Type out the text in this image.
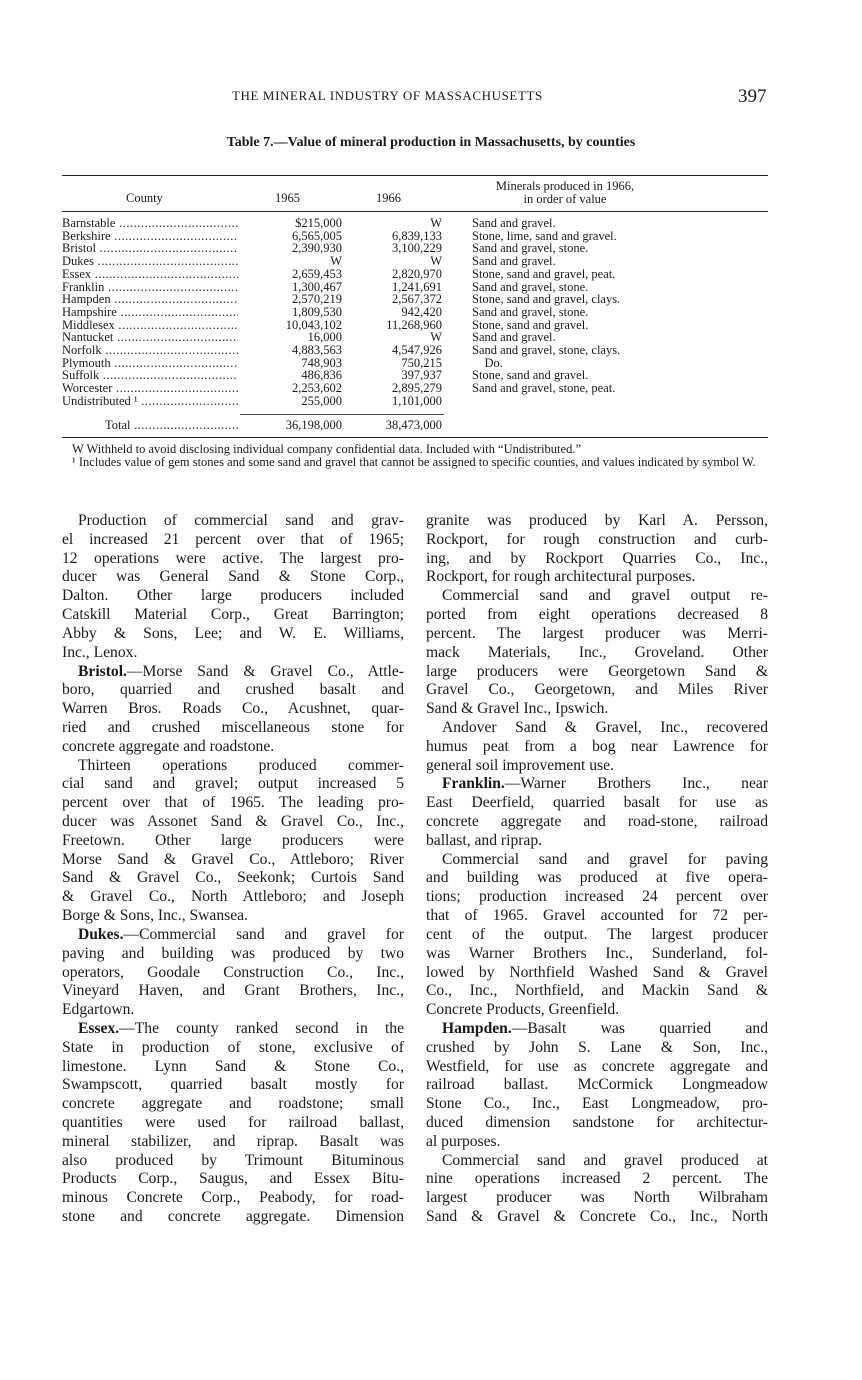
THE MINERAL INDUSTRY OF MASSACHUSETTS	397
Table 7.—Value of mineral production in Massachusetts, by counties
County	1965	1966
Minerals produced in 1966,
in order of value
Barnstable .....	$215,000	W Sand and gravel.
Berkshire .....	6,565,005	6,839,133 Stone, lime, sand and gravel.
Bristol .....	2,390,930	3,100,229 Sand and gravel, stone.
Dukes .....	W	W Sand and gravel.
Essex .....	2,659,453	2,820,970 Stone, sand and gravel, peat.
Franklin .....	1,300,467	1,241,691 Sand and gravel, stone.
Hampden .....	2,570,219	2,567,372 Stone, sand and gravel, clays.
Hampshire .....	1,809,530	942,420 Sand and gravel, stone.
Middlesex .....	10,043,102	11,268,960 Stone, sand and gravel.
Nantucket .....	16,000	W Sand and gravel.
Norfolk .....	4,883,563	4,547,926 Sand and gravel, stone, clays.
Plymouth .....	748,903	750,215 Do.
Suffolk .....	486,836	397,937 Stone, sand and gravel.
Worcester .....	2,253,602	2,895,279 Sand and gravel, stone, peat.
Undistributed ¹ .....	255,000	1,101,000
Total .....	36,198,000	38,473,000
W Withheld to avoid disclosing individual company confidential data. Included with “Undistributed.”
¹ Includes value of gem stones and some sand and gravel that cannot be assigned to specific counties, and values indicated by symbol W.
Production of commercial sand and grav-
el increased 21 percent over that of 1965;
12 operations were active. The largest pro-
ducer was General Sand & Stone Corp.,
Dalton. Other large producers included
Catskill Material Corp., Great Barrington;
Abby & Sons, Lee; and W. E. Williams,
Inc., Lenox.
Bristol.—Morse Sand & Gravel Co., Attle-
boro, quarried and crushed basalt and
Warren Bros. Roads Co., Acushnet, quar-
ried and crushed miscellaneous stone for
concrete aggregate and roadstone.
Thirteen operations produced commer-
cial sand and gravel; output increased 5
percent over that of 1965. The leading pro-
ducer was Assonet Sand & Gravel Co., Inc.,
Freetown. Other large producers were
Morse Sand & Gravel Co., Attleboro; River
Sand & Gravel Co., Seekonk; Curtois Sand
& Gravel Co., North Attleboro; and Joseph
Borge & Sons, Inc., Swansea.
Dukes.—Commercial sand and gravel for
paving and building was produced by two
operators, Goodale Construction Co., Inc.,
Vineyard Haven, and Grant Brothers, Inc.,
Edgartown.
Essex.—The county ranked second in the
State in production of stone, exclusive of
limestone. Lynn Sand & Stone Co.,
Swampscott, quarried basalt mostly for
concrete aggregate and roadstone; small
quantities were used for railroad ballast,
mineral stabilizer, and riprap. Basalt was
also produced by Trimount Bituminous
Products Corp., Saugus, and Essex Bitu-
minous Concrete Corp., Peabody, for road-
stone and concrete aggregate. Dimension
granite was produced by Karl A. Persson,
Rockport, for rough construction and curb-
ing, and by Rockport Quarries Co., Inc.,
Rockport, for rough architectural purposes.
Commercial sand and gravel output re-
ported from eight operations decreased 8
percent. The largest producer was Merri-
mack Materials, Inc., Groveland. Other
large producers were Georgetown Sand &
Gravel Co., Georgetown, and Miles River
Sand & Gravel Inc., Ipswich.
Andover Sand & Gravel, Inc., recovered
humus peat from a bog near Lawrence for
general soil improvement use.
Franklin.—Warner Brothers Inc., near
East Deerfield, quarried basalt for use as
concrete aggregate and road-stone, railroad
ballast, and riprap.
Commercial sand and gravel for paving
and building was produced at five opera-
tions; production increased 24 percent over
that of 1965. Gravel accounted for 72 per-
cent of the output. The largest producer
was Warner Brothers Inc., Sunderland, fol-
lowed by Northfield Washed Sand & Gravel
Co., Inc., Northfield, and Mackin Sand &
Concrete Products, Greenfield.
Hampden.—Basalt was quarried and
crushed by John S. Lane & Son, Inc.,
Westfield, for use as concrete aggregate and
railroad ballast. McCormick Longmeadow
Stone Co., Inc., East Longmeadow, pro-
duced dimension sandstone for architectur-
al purposes.
Commercial sand and gravel produced at
nine operations increased 2 percent. The
largest producer was North Wilbraham
Sand & Gravel & Concrete Co., Inc., North
